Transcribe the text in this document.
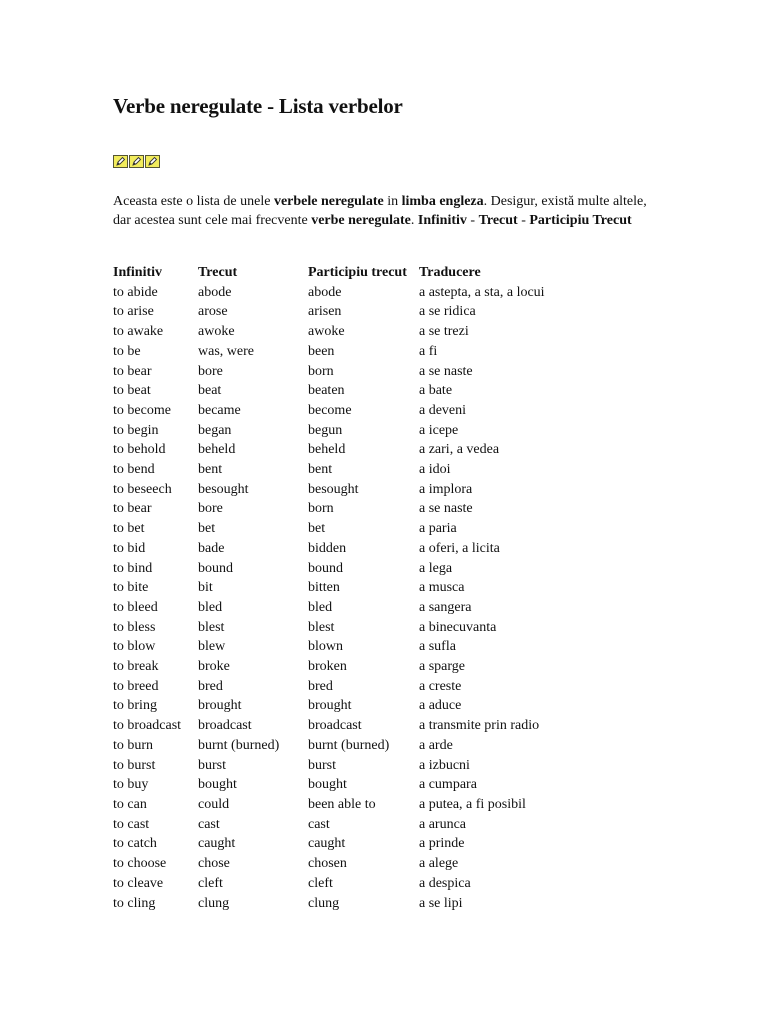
Verbe neregulate - Lista verbelor

Aceasta este o lista de unele verbele neregulate in limba engleza. Desigur, există multe altele, dar acestea sunt cele mai frecvente verbe neregulate. Infinitiv - Trecut - Participiu Trecut

Infinitiv	Trecut	Participiu trecut	Traducere
to abide	abode	abode	a astepta, a sta, a locui
to arise	arose	arisen	a se ridica
to awake	awoke	awoke	a se trezi
to be	was, were	been	a fi
to bear	bore	born	a se naste
to beat	beat	beaten	a bate
to become	became	become	a deveni
to begin	began	begun	a icepe
to behold	beheld	beheld	a zari, a vedea
to bend	bent	bent	a idoi
to beseech	besought	besought	a implora
to bear	bore	born	a se naste
to bet	bet	bet	a paria
to bid	bade	bidden	a oferi, a licita
to bind	bound	bound	a lega
to bite	bit	bitten	a musca
to bleed	bled	bled	a sangera
to bless	blest	blest	a binecuvanta
to blow	blew	blown	a sufla
to break	broke	broken	a sparge
to breed	bred	bred	a creste
to bring	brought	brought	a aduce
to broadcast	broadcast	broadcast	a transmite prin radio
to burn	burnt (burned)	burnt (burned)	a arde
to burst	burst	burst	a izbucni
to buy	bought	bought	a cumpara
to can	could	been able to	a putea, a fi posibil
to cast	cast	cast	a arunca
to catch	caught	caught	a prinde
to choose	chose	chosen	a alege
to cleave	cleft	cleft	a despica
to cling	clung	clung	a se lipi
